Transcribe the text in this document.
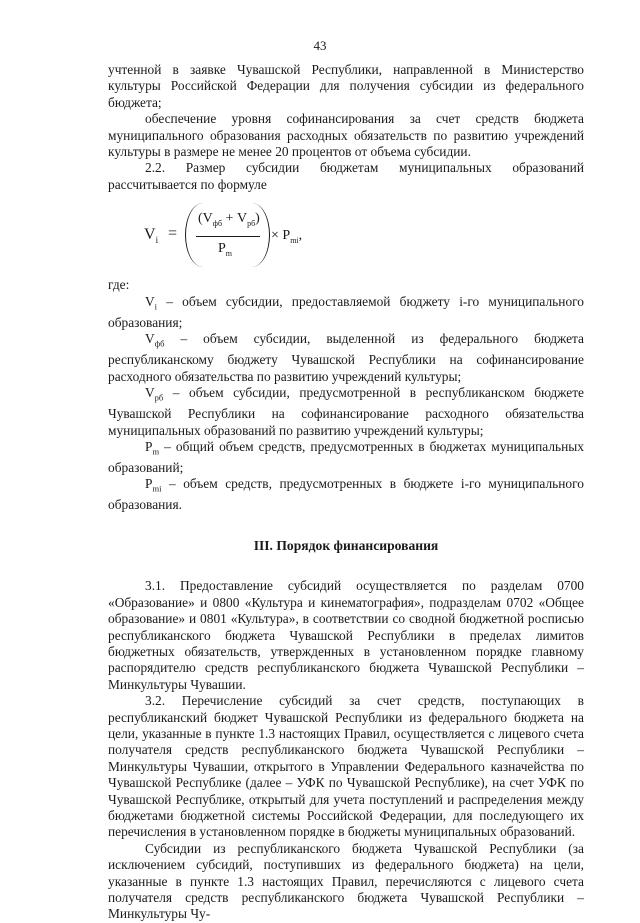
43

учтенной в заявке Чувашской Республики, направленной в Министерство культуры Российской Федерации для получения субсидии из федерального бюджета;

обеспечение уровня софинансирования за счет средств бюджета муниципального образования расходных обязательств по развитию учреждений культуры в размере не менее 20 процентов от объема субсидии.

2.2. Размер субсидии бюджетам муниципальных образований рассчитывается по формуле

$V_i$ =
$(V_{фб} + V_{рб})$
$P_m$
× $P_{mi}$,

где:

$V_i$ – объем субсидии, предоставляемой бюджету i-го муниципального образования;

$V_{фб}$ – объем субсидии, выделенной из федерального бюджета республиканскому бюджету Чувашской Республики на софинансирование расходного обязательства по развитию учреждений культуры;

$V_{рб}$ – объем субсидии, предусмотренной в республиканском бюджете Чувашской Республики на софинансирование расходного обязательства муниципальных образований по развитию учреждений культуры;

$P_m$ – общий объем средств, предусмотренных в бюджетах муниципальных образований;

$P_{mi}$ – объем средств, предусмотренных в бюджете i-го муниципального образования.

III. Порядок финансирования

3.1. Предоставление субсидий осуществляется по разделам 0700 «Образование» и 0800 «Культура и кинематография», подразделам 0702 «Общее образование» и 0801 «Культура», в соответствии со сводной бюджетной росписью республиканского бюджета Чувашской Республики в пределах лимитов бюджетных обязательств, утвержденных в установленном порядке главному распорядителю средств республиканского бюджета Чувашской Республики – Минкультуры Чувашии.

3.2. Перечисление субсидий за счет средств, поступающих в республиканский бюджет Чувашской Республики из федерального бюджета на цели, указанные в пункте 1.3 настоящих Правил, осуществляется с лицевого счета получателя средств республиканского бюджета Чувашской Республики – Минкультуры Чувашии, открытого в Управлении Федерального казначейства по Чувашской Республике (далее – УФК по Чувашской Республике), на счет УФК по Чувашской Республике, открытый для учета поступлений и распределения между бюджетами бюджетной системы Российской Федерации, для последующего их перечисления в установленном порядке в бюджеты муниципальных образований.

Субсидии из республиканского бюджета Чувашской Республики (за исключением субсидий, поступивших из федерального бюджета) на цели, указанные в пункте 1.3 настоящих Правил, перечисляются с лицевого счета получателя средств республиканского бюджета Чувашской Республики – Минкультуры Чу-
